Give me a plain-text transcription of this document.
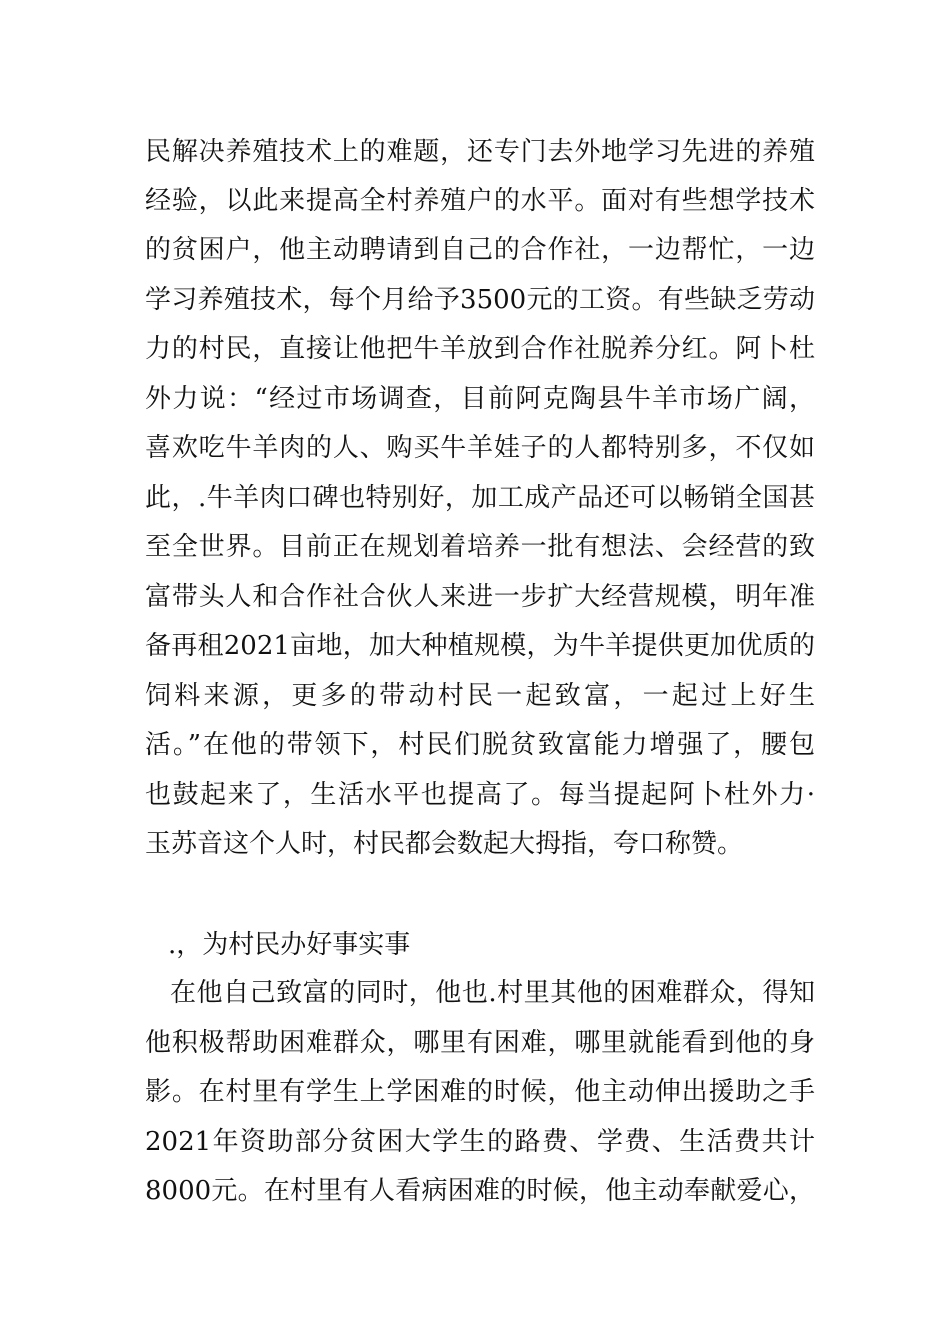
民解决养殖技术上的难题，还专门去外地学习先进的养殖
经验，以此来提高全村养殖户的水平。面对有些想学技术
的贫困户，他主动聘请到自己的合作社，一边帮忙，一边
学习养殖技术，每个月给予3500元的工资。有些缺乏劳动
力的村民，直接让他把牛羊放到合作社脱养分红。阿卜杜
外力说：“经过市场调查，目前阿克陶县牛羊市场广阔，
喜欢吃牛羊肉的人、购买牛羊娃子的人都特别多，不仅如
此，.牛羊肉口碑也特别好，加工成产品还可以畅销全国甚
至全世界。目前正在规划着培养一批有想法、会经营的致
富带头人和合作社合伙人来进一步扩大经营规模，明年准
备再租2021亩地，加大种植规模，为牛羊提供更加优质的
饲料来源，更多的带动村民一起致富，一起过上好生
活。”在他的带领下，村民们脱贫致富能力增强了，腰包
也鼓起来了，生活水平也提高了。每当提起阿卜杜外力·
玉苏音这个人时，村民都会数起大拇指，夸口称赞。
.，为村民办好事实事
在他自己致富的同时，他也.村里其他的困难群众，得知
他积极帮助困难群众，哪里有困难，哪里就能看到他的身
影。在村里有学生上学困难的时候，他主动伸出援助之手
2021年资助部分贫困大学生的路费、学费、生活费共计
8000元。在村里有人看病困难的时候，他主动奉献爱心，
